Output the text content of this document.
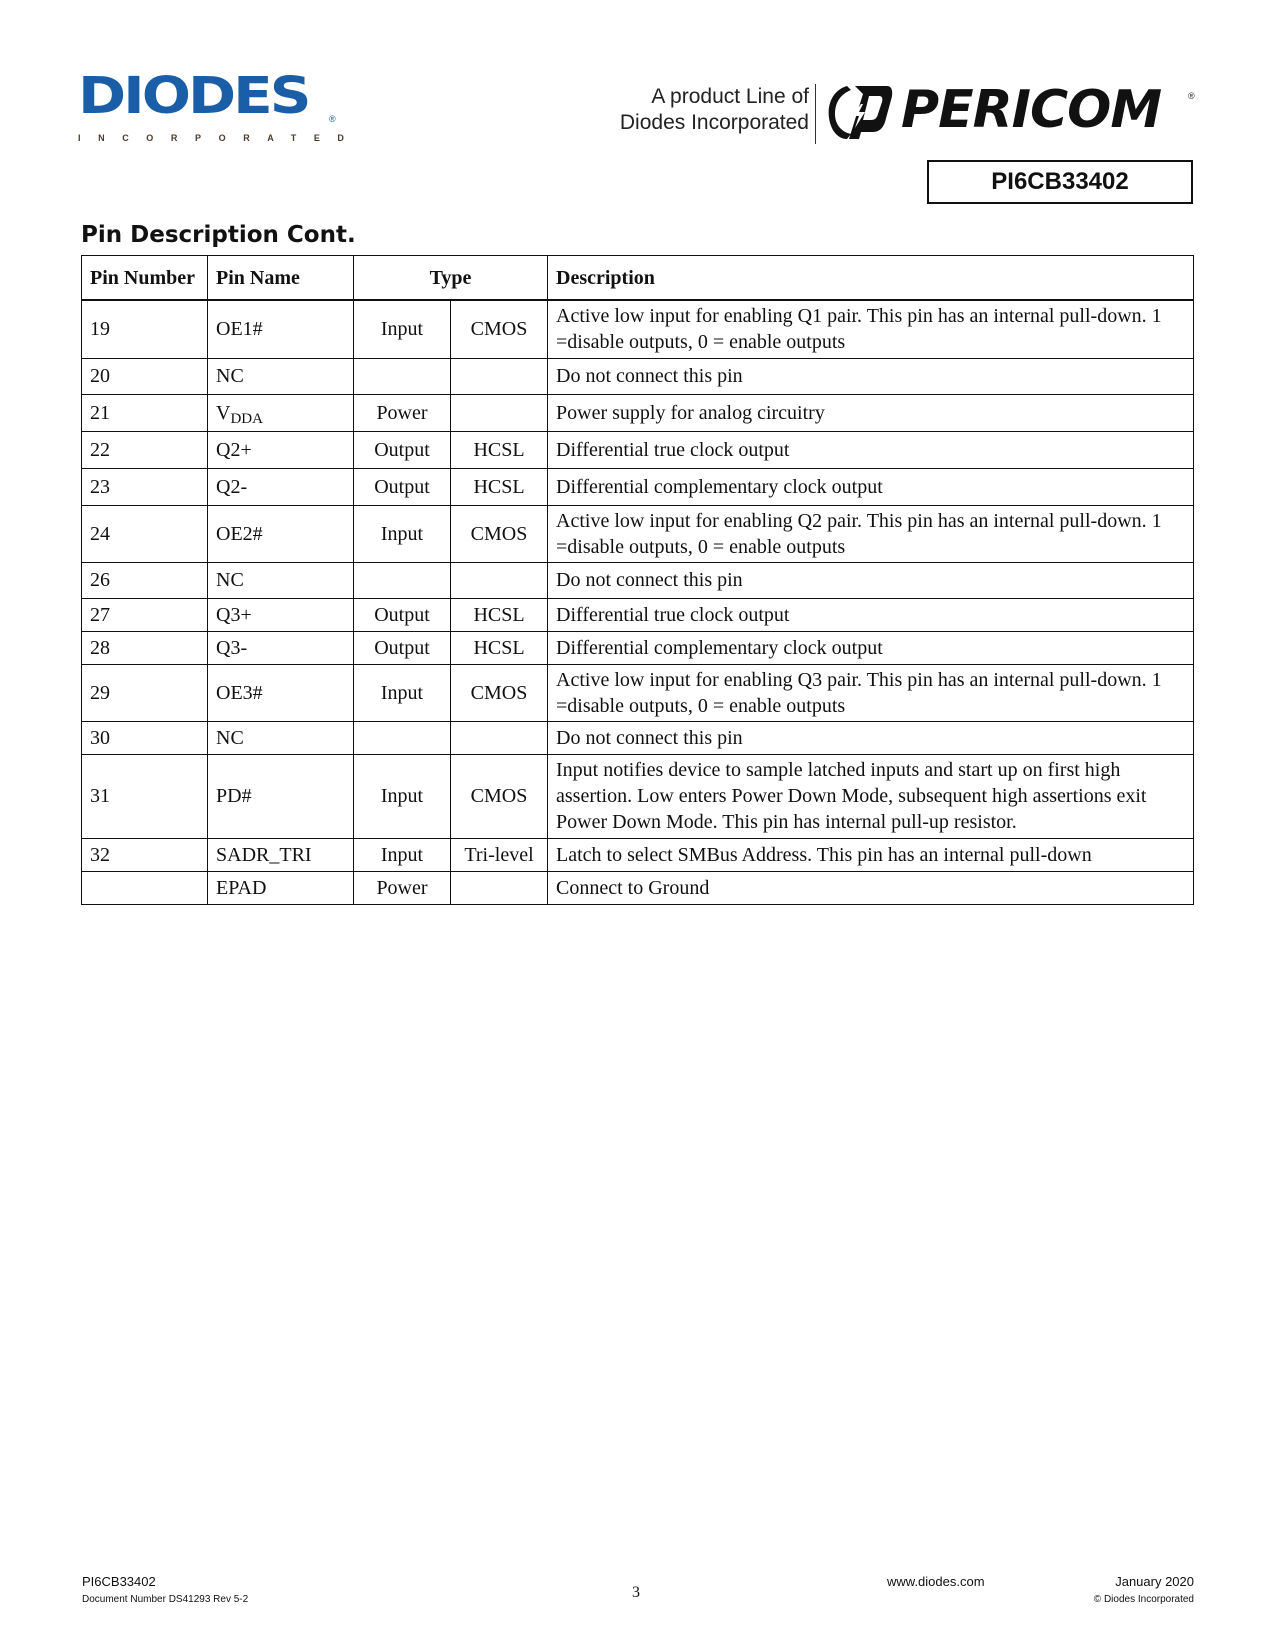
DIODES ®
INCORPORATED
A product Line of
Diodes Incorporated PERICOM	®
PI6CB33402
Pin Description Cont.
Pin Number	Pin Name	Type		Description
19	OE1#	Input	CMOS	Active low input for enabling Q1 pair. This pin has an internal pull-down. 1 =disable outputs, 0 = enable outputs
20	NC			Do not connect this pin
21	$V_{DDA}$	Power		Power supply for analog circuitry
22	Q2+	Output	HCSL	Differential true clock output
23	Q2-	Output	HCSL	Differential complementary clock output
24	OE2#	Input	CMOS	Active low input for enabling Q2 pair. This pin has an internal pull-down. 1 =disable outputs, 0 = enable outputs
26	NC			Do not connect this pin
27	Q3+	Output	HCSL	Differential true clock output
28	Q3-	Output	HCSL	Differential complementary clock output
29	OE3#	Input	CMOS	Active low input for enabling Q3 pair. This pin has an internal pull-down. 1 =disable outputs, 0 = enable outputs
30	NC			Do not connect this pin
31	PD#	Input	CMOS	Input notifies device to sample latched inputs and start up on first high assertion. Low enters Power Down Mode, subsequent high assertions exit Power Down Mode. This pin has internal pull-up resistor.
32	SADR_TRI	Input	Tri-level	Latch to select SMBus Address. This pin has an internal pull-down
	EPAD	Power		Connect to Ground
PI6CB33402
Document Number DS41293 Rev 5-2	3
www.diodes.com	January 2020
© Diodes Incorporated
